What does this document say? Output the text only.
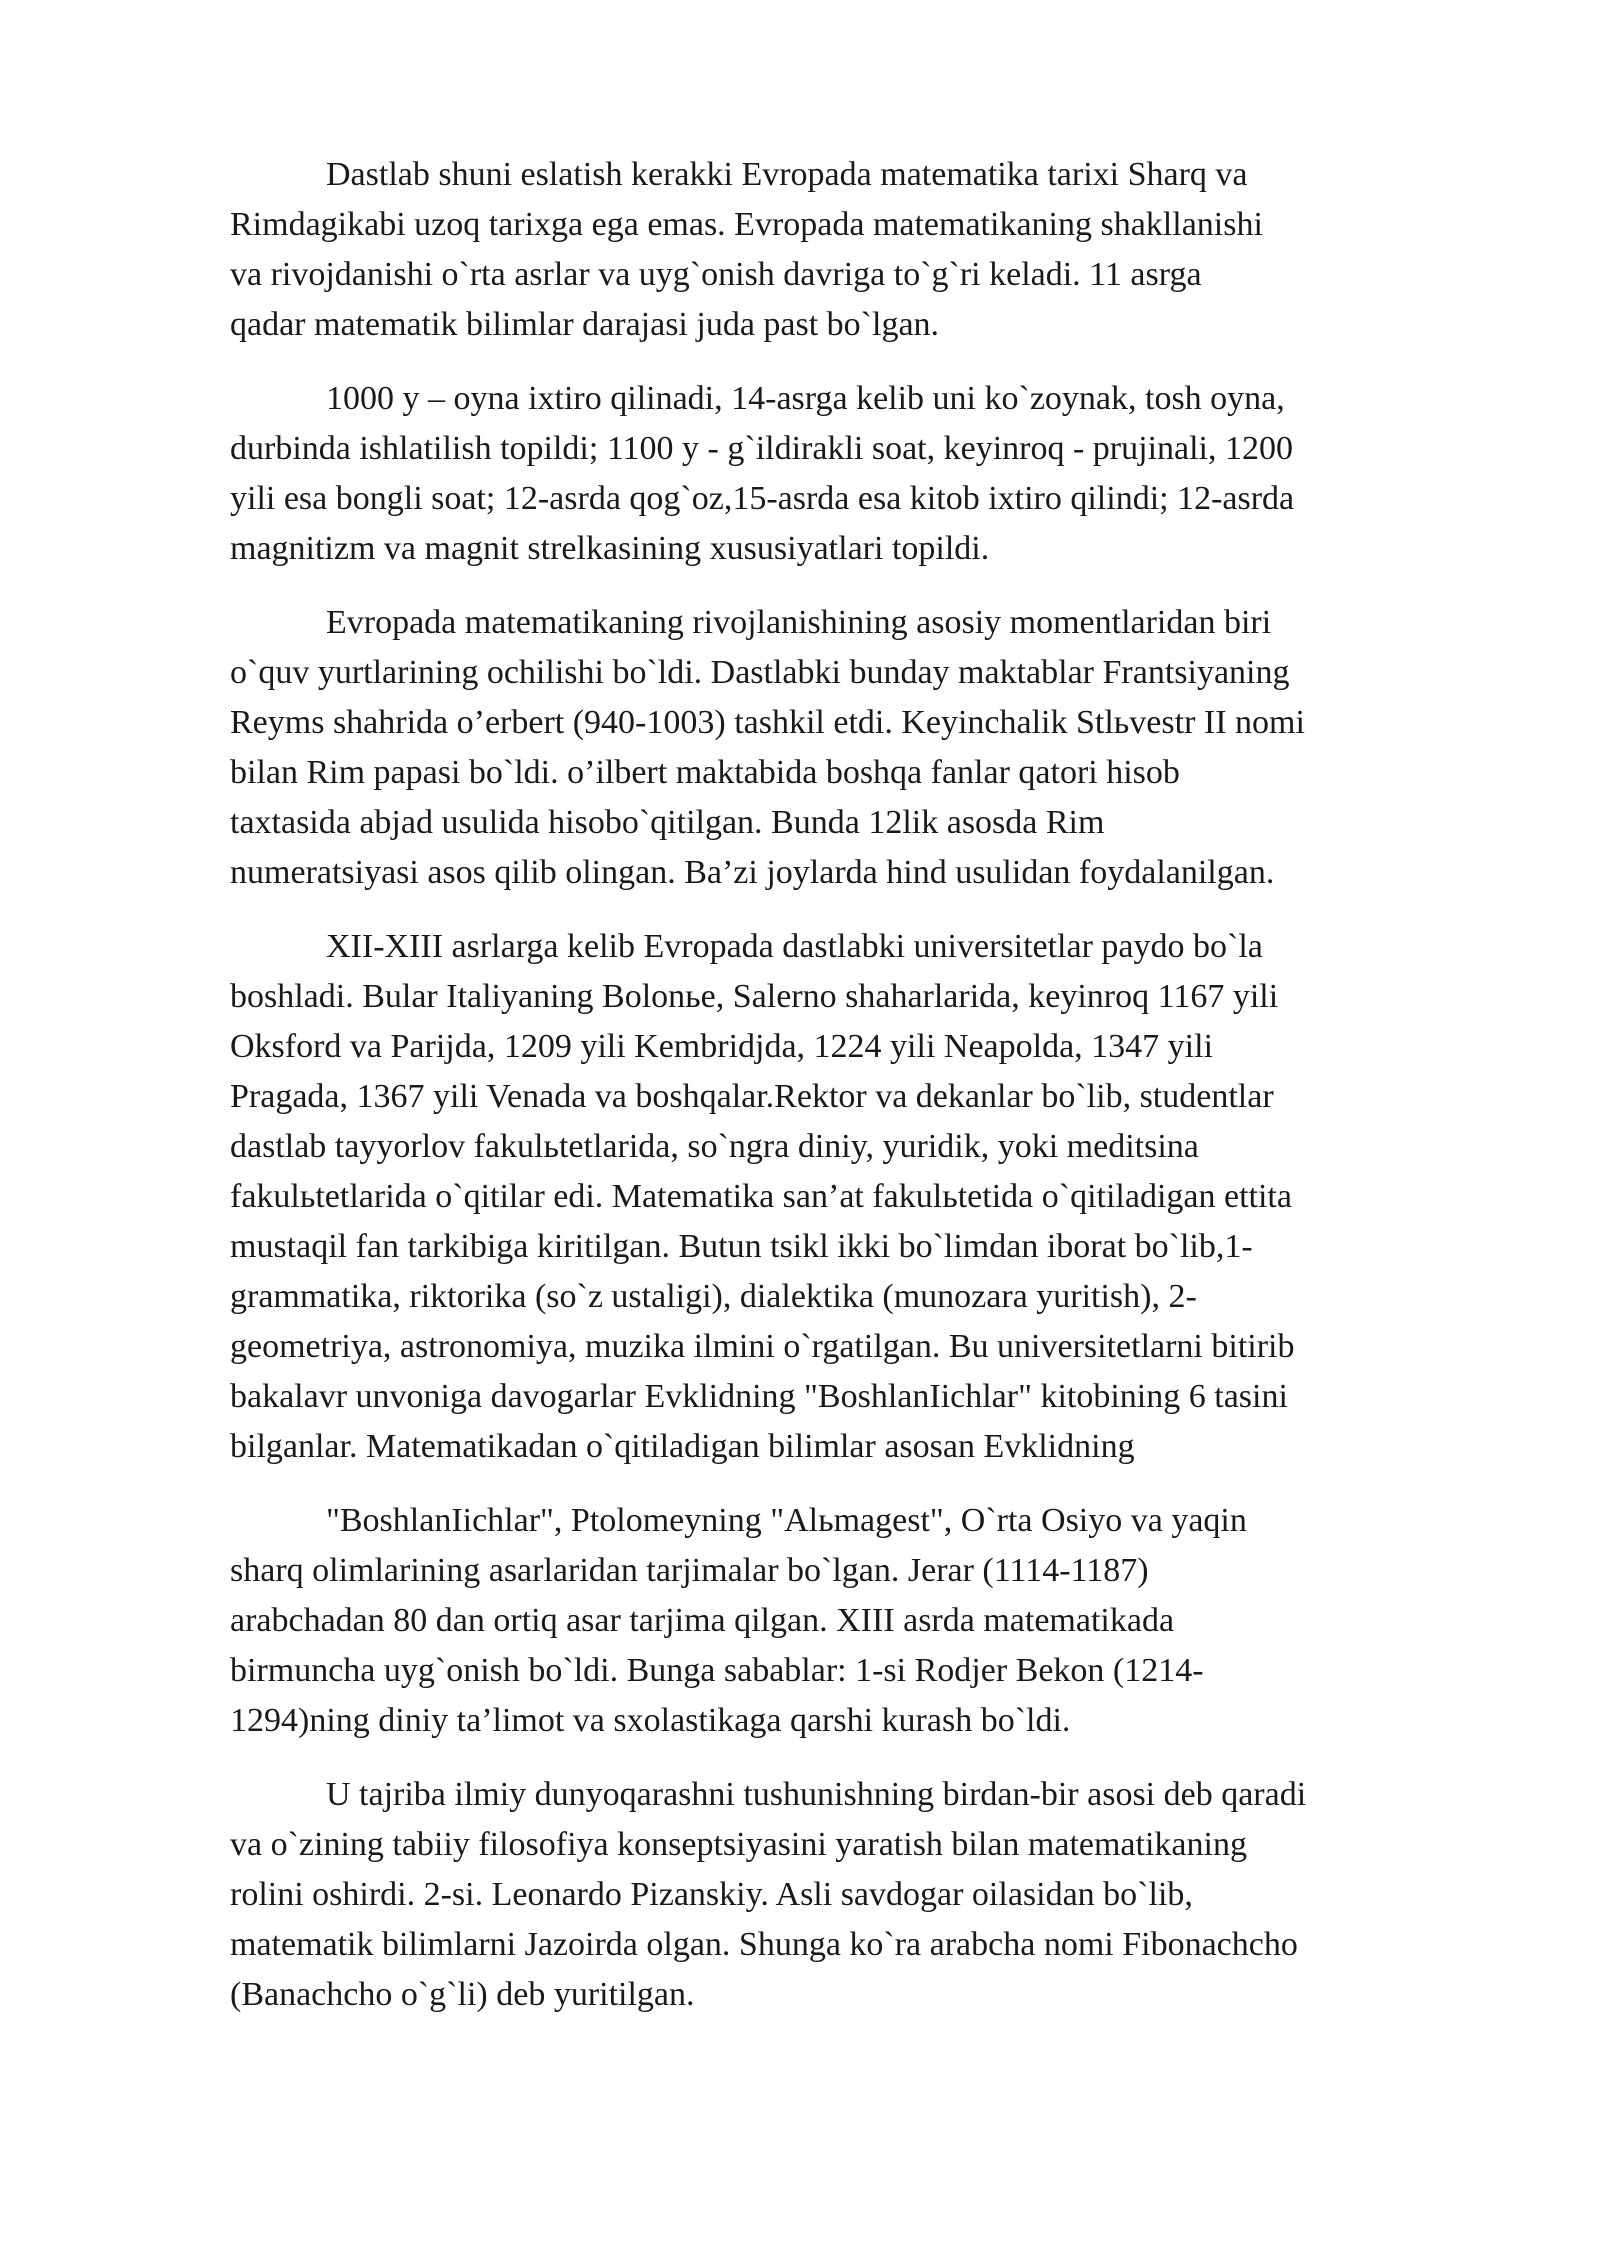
Dastlab shuni eslatish kerakki Evropada matematika tarixi Sharq va
Rimdagikabi uzoq tarixga ega emas. Evropada matematikaning shakllanishi
va rivojdanishi o`rta asrlar va uyg`onish davriga to`g`ri keladi. 11 asrga
qadar matematik bilimlar darajasi juda past bo`lgan.
1000 y – oyna ixtiro qilinadi, 14-asrga kelib uni ko`zoynak, tosh oyna,
durbinda ishlatilish topildi; 1100 y - g`ildirakli soat, keyinroq - prujinali, 1200
yili esa bongli soat; 12-asrda qog`oz,15-asrda esa kitob ixtiro qilindi; 12-asrda
magnitizm va magnit strelkasining xususiyatlari topildi.
Evropada matematikaning rivojlanishining asosiy momentlaridan biri
o`quv yurtlarining ochilishi bo`ldi. Dastlabki bunday maktablar Frantsiyaning
Reyms shahrida o’erbert (940-1003) tashkil etdi. Keyinchalik Stlьvestr II nomi
bilan Rim papasi bo`ldi. o’ilbert maktabida boshqa fanlar qatori hisob
taxtasida abjad usulida hisobo`qitilgan. Bunda 12lik asosda Rim
numeratsiyasi asos qilib olingan. Ba’zi joylarda hind usulidan foydalanilgan.
XII-XIII asrlarga kelib Evropada dastlabki universitetlar paydo bo`la
boshladi. Bular Italiyaning Bolonьe, Salerno shaharlarida, keyinroq 1167 yili
Oksford va Parijda, 1209 yili Kembridjda, 1224 yili Neapolda, 1347 yili
Pragada, 1367 yili Venada va boshqalar.Rektor va dekanlar bo`lib, studentlar
dastlab tayyorlov fakulьtetlarida, so`ngra diniy, yuridik, yoki meditsina
fakulьtetlarida o`qitilar edi. Matematika san’at fakulьtetida o`qitiladigan ettita
mustaqil fan tarkibiga kiritilgan. Butun tsikl ikki bo`limdan iborat bo`lib,1-
grammatika, riktorika (so`z ustaligi), dialektika (munozara yuritish), 2-
geometriya, astronomiya, muzika ilmini o`rgatilgan. Bu universitetlarni bitirib
bakalavr unvoniga davogarlar Evklidning "BoshlanIichlar" kitobining 6 tasini
bilganlar. Matematikadan o`qitiladigan bilimlar asosan Evklidning
"BoshlanIichlar", Ptolomeyning "Alьmagest", O`rta Osiyo va yaqin
sharq olimlarining asarlaridan tarjimalar bo`lgan. Jerar (1114-1187)
arabchadan 80 dan ortiq asar tarjima qilgan. XIII asrda matematikada
birmuncha uyg`onish bo`ldi. Bunga sabablar: 1-si Rodjer Bekon (1214-
1294)ning diniy ta’limot va sxolastikaga qarshi kurash bo`ldi.
U tajriba ilmiy dunyoqarashni tushunishning birdan-bir asosi deb qaradi
va o`zining tabiiy filosofiya konseptsiyasini yaratish bilan matematikaning
rolini oshirdi. 2-si. Leonardo Pizanskiy. Asli savdogar oilasidan bo`lib,
matematik bilimlarni Jazoirda olgan. Shunga ko`ra arabcha nomi Fibonachcho
(Banachcho o`g`li) deb yuritilgan.
